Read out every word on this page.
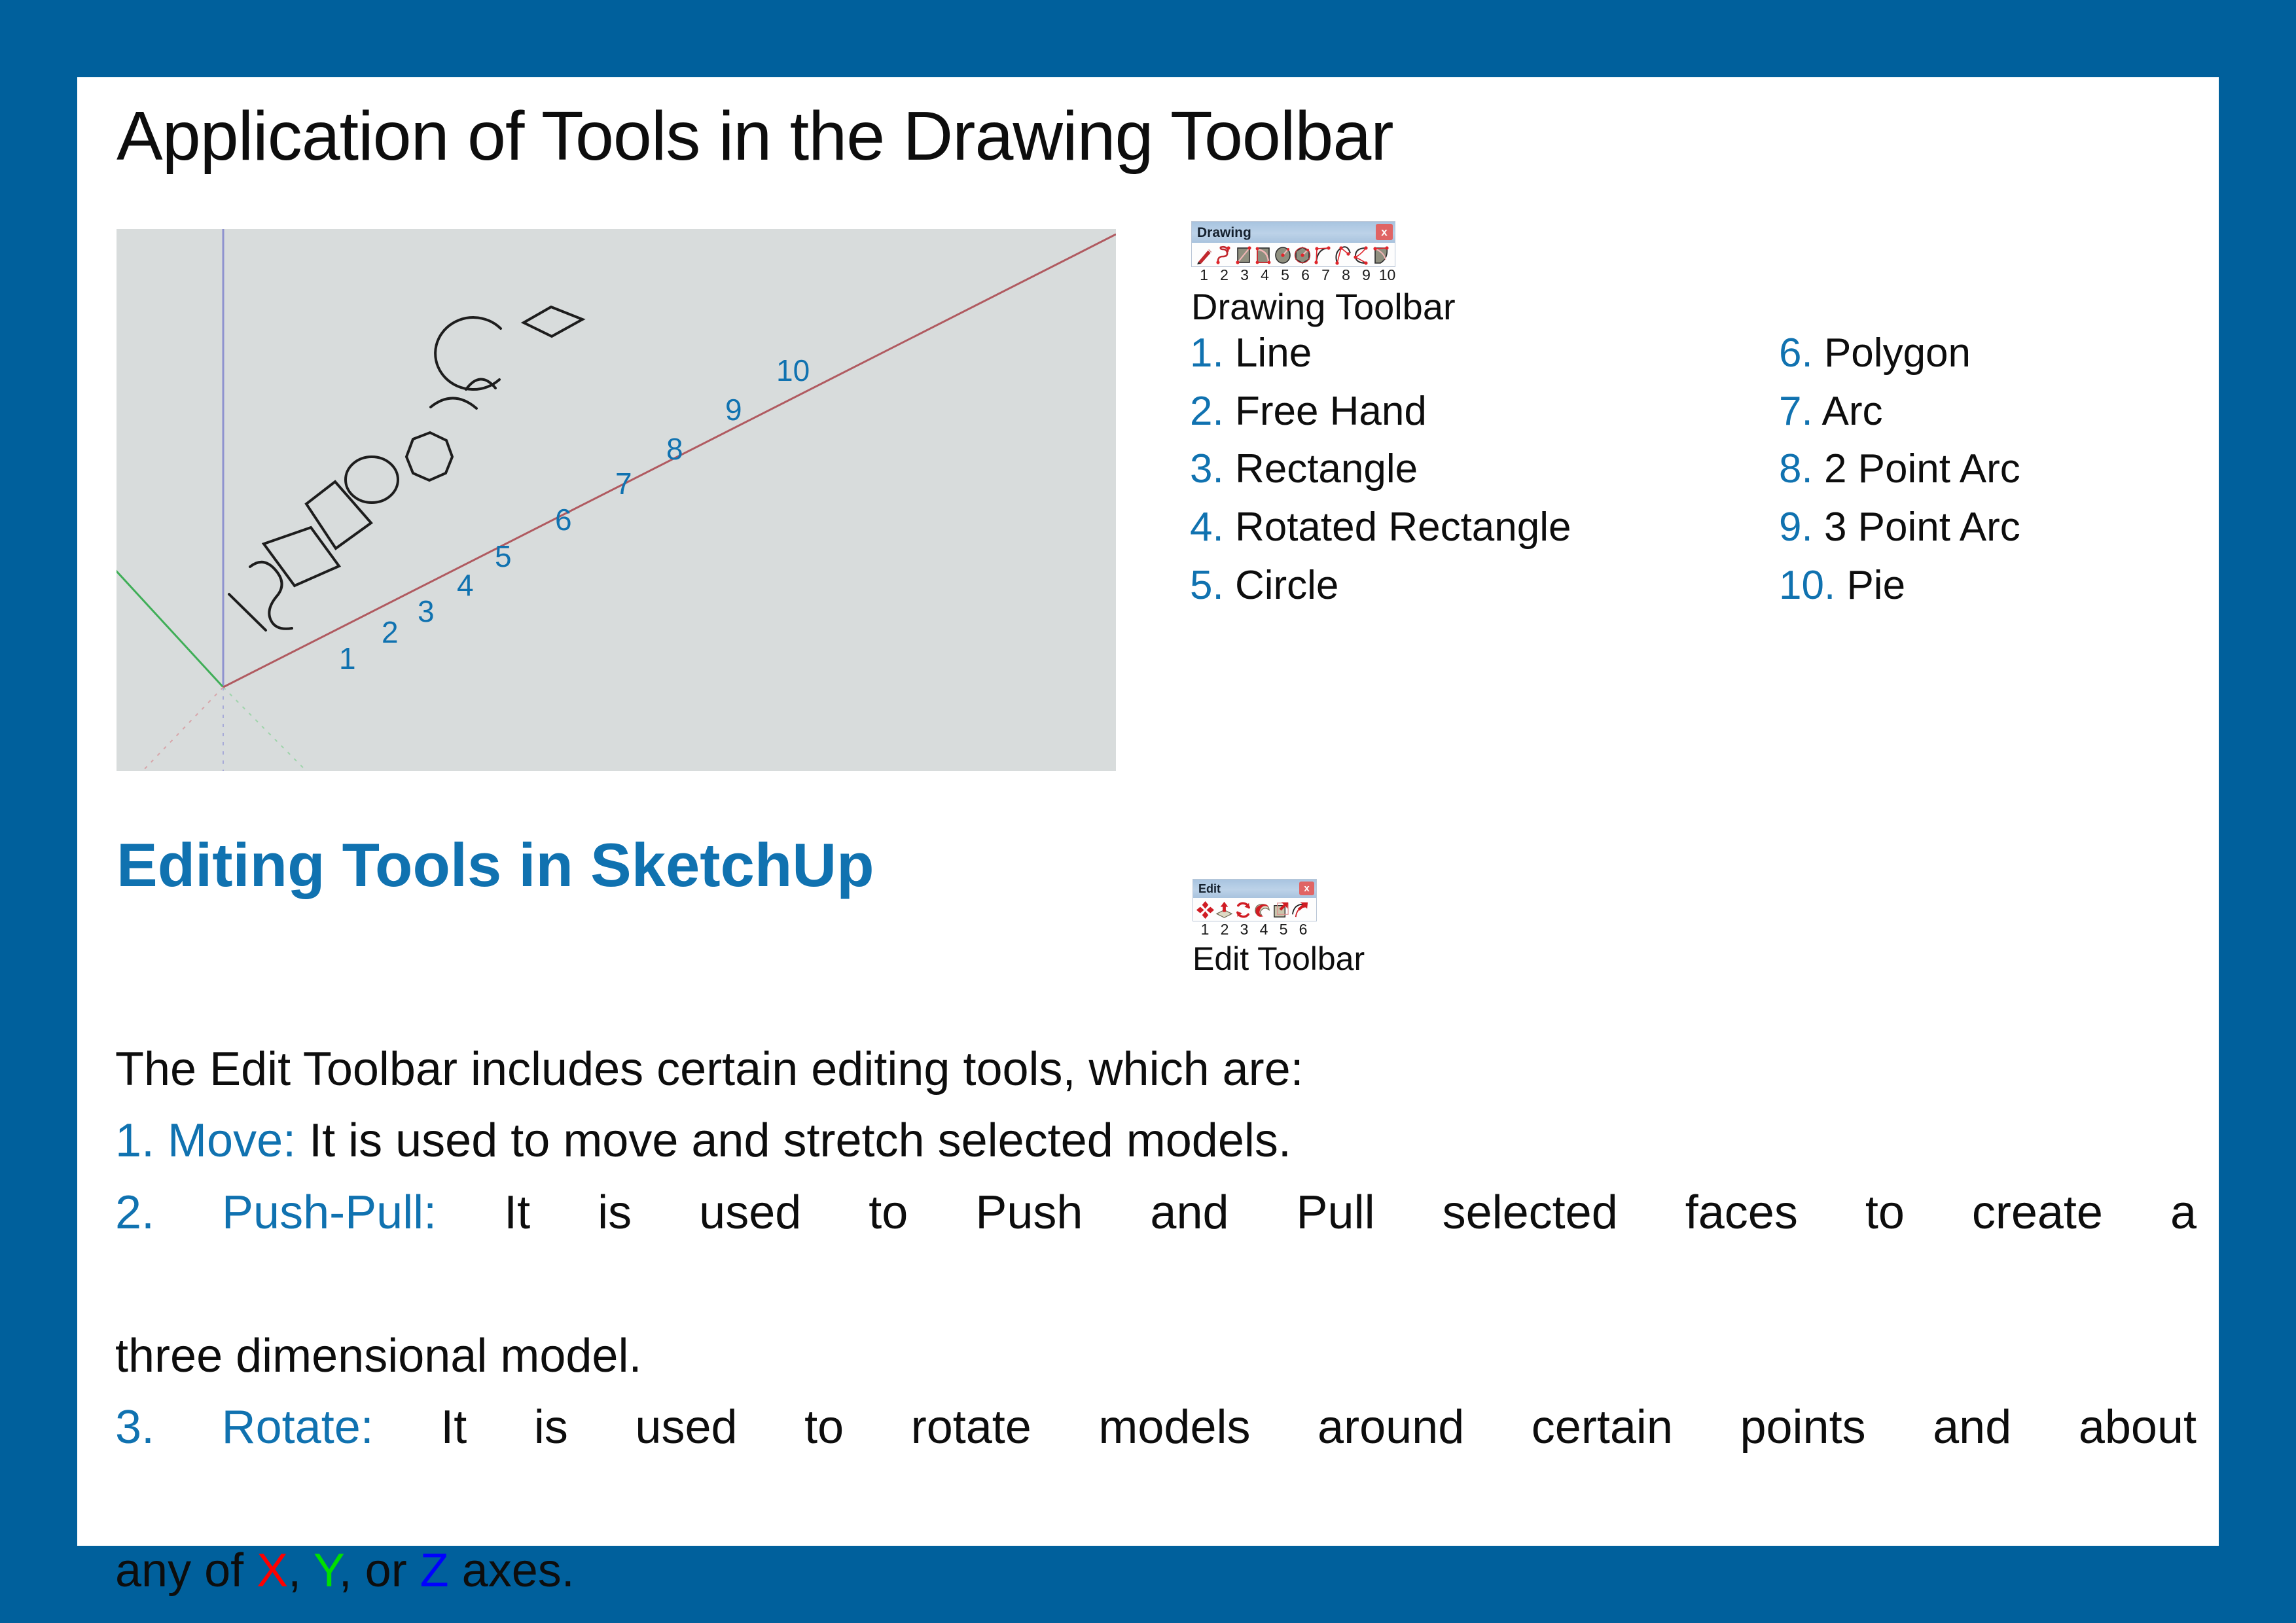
Application of Tools in the Drawing Toolbar
1
2
3
4
5
6
7
8
9
10
Drawing	x
1 2 3 4 5 6 7 8 9 10
Drawing Toolbar
1. Line
2. Free Hand
3. Rectangle
4. Rotated Rectangle
5. Circle
6. Polygon
7. Arc
8. 2 Point Arc
9. 3 Point Arc
10. Pie
Editing Tools in SketchUp	Edit	x
1 2 3 4 5 6
Edit Toolbar
The Edit Toolbar includes certain editing tools, which are:
1. Move: It is used to move and stretch selected models.
2. Push-Pull: It is used to Push and Pull selected faces to create a
three dimensional model.
3. Rotate: It is used to rotate models around certain points and about
any of X, Y, or Z axes.
